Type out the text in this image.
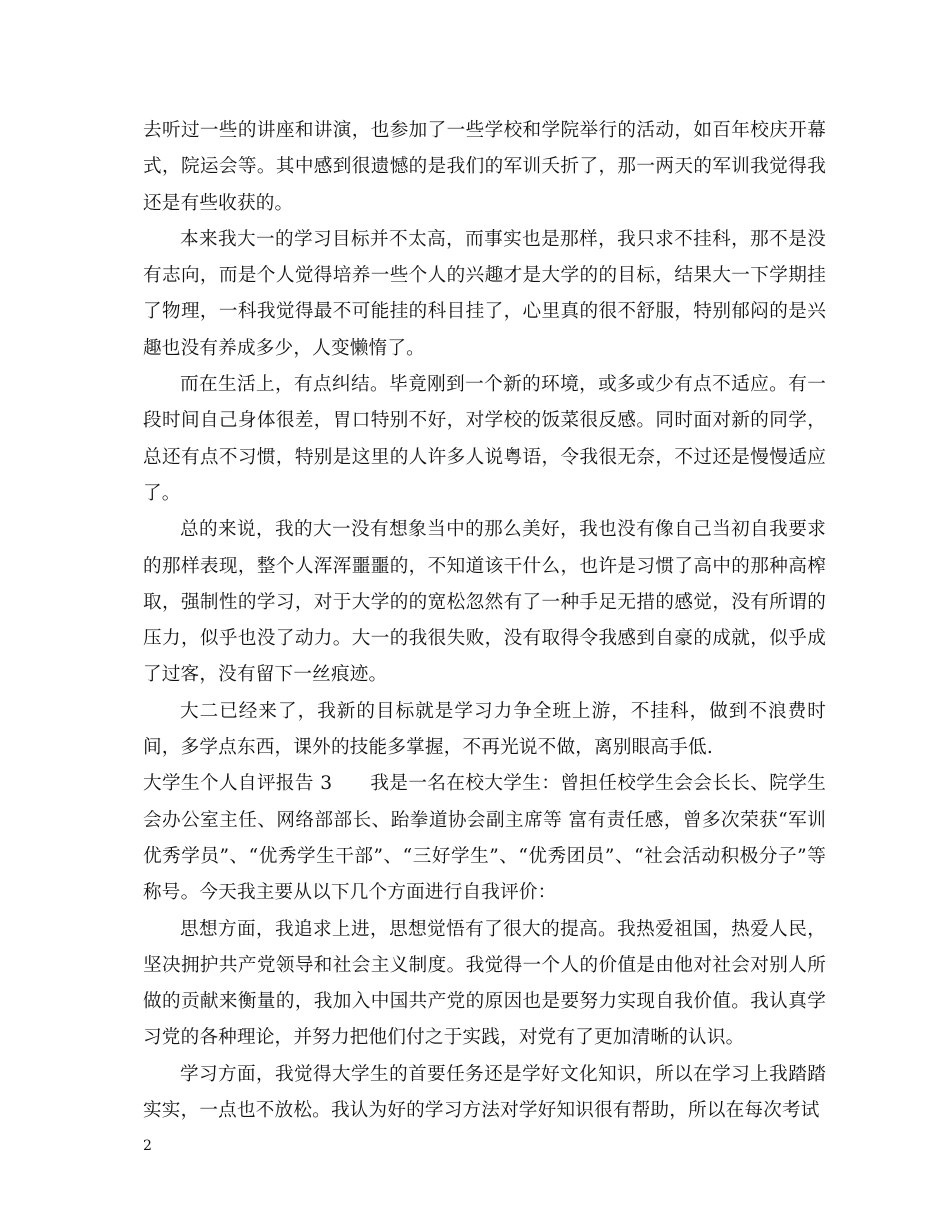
去听过一些的讲座和讲演，也参加了一些学校和学院举行的活动，如百年校庆开幕式，院运会等。其中感到很遗憾的是我们的军训夭折了，那一两天的军训我觉得我还是有些收获的。

本来我大一的学习目标并不太高，而事实也是那样，我只求不挂科，那不是没有志向，而是个人觉得培养一些个人的兴趣才是大学的的目标，结果大一下学期挂了物理，一科我觉得最不可能挂的科目挂了，心里真的很不舒服，特别郁闷的是兴趣也没有养成多少，人变懒惰了。

而在生活上，有点纠结。毕竟刚到一个新的环境，或多或少有点不适应。有一段时间自己身体很差，胃口特别不好，对学校的饭菜很反感。同时面对新的同学，总还有点不习惯，特别是这里的人许多人说粤语，令我很无奈，不过还是慢慢适应了。

总的来说，我的大一没有想象当中的那么美好，我也没有像自己当初自我要求的那样表现，整个人浑浑噩噩的，不知道该干什么，也许是习惯了高中的那种高榨取，强制性的学习，对于大学的的宽松忽然有了一种手足无措的感觉，没有所谓的压力，似乎也没了动力。大一的我很失败，没有取得令我感到自豪的成就，似乎成了过客，没有留下一丝痕迹。

大二已经来了，我新的目标就是学习力争全班上游，不挂科，做到不浪费时间，多学点东西，课外的技能多掌握，不再光说不做，离别眼高手低.

大学生个人自评报告 3　　我是一名在校大学生：曾担任校学生会会长长、院学生会办公室主任、网络部部长、跆拳道协会副主席等 富有责任感，曾多次荣获“军训优秀学员”、“优秀学生干部”、“三好学生”、“优秀团员”、“社会活动积极分子”等称号。今天我主要从以下几个方面进行自我评价：

思想方面，我追求上进，思想觉悟有了很大的提高。我热爱祖国，热爱人民，坚决拥护共产党领导和社会主义制度。我觉得一个人的价值是由他对社会对别人所做的贡献来衡量的，我加入中国共产党的原因也是要努力实现自我价值。我认真学习党的各种理论，并努力把他们付之于实践，对党有了更加清晰的认识。

学习方面，我觉得大学生的首要任务还是学好文化知识，所以在学习上我踏踏实实，一点也不放松。我认为好的学习方法对学好知识很有帮助，所以在每次考试

2
